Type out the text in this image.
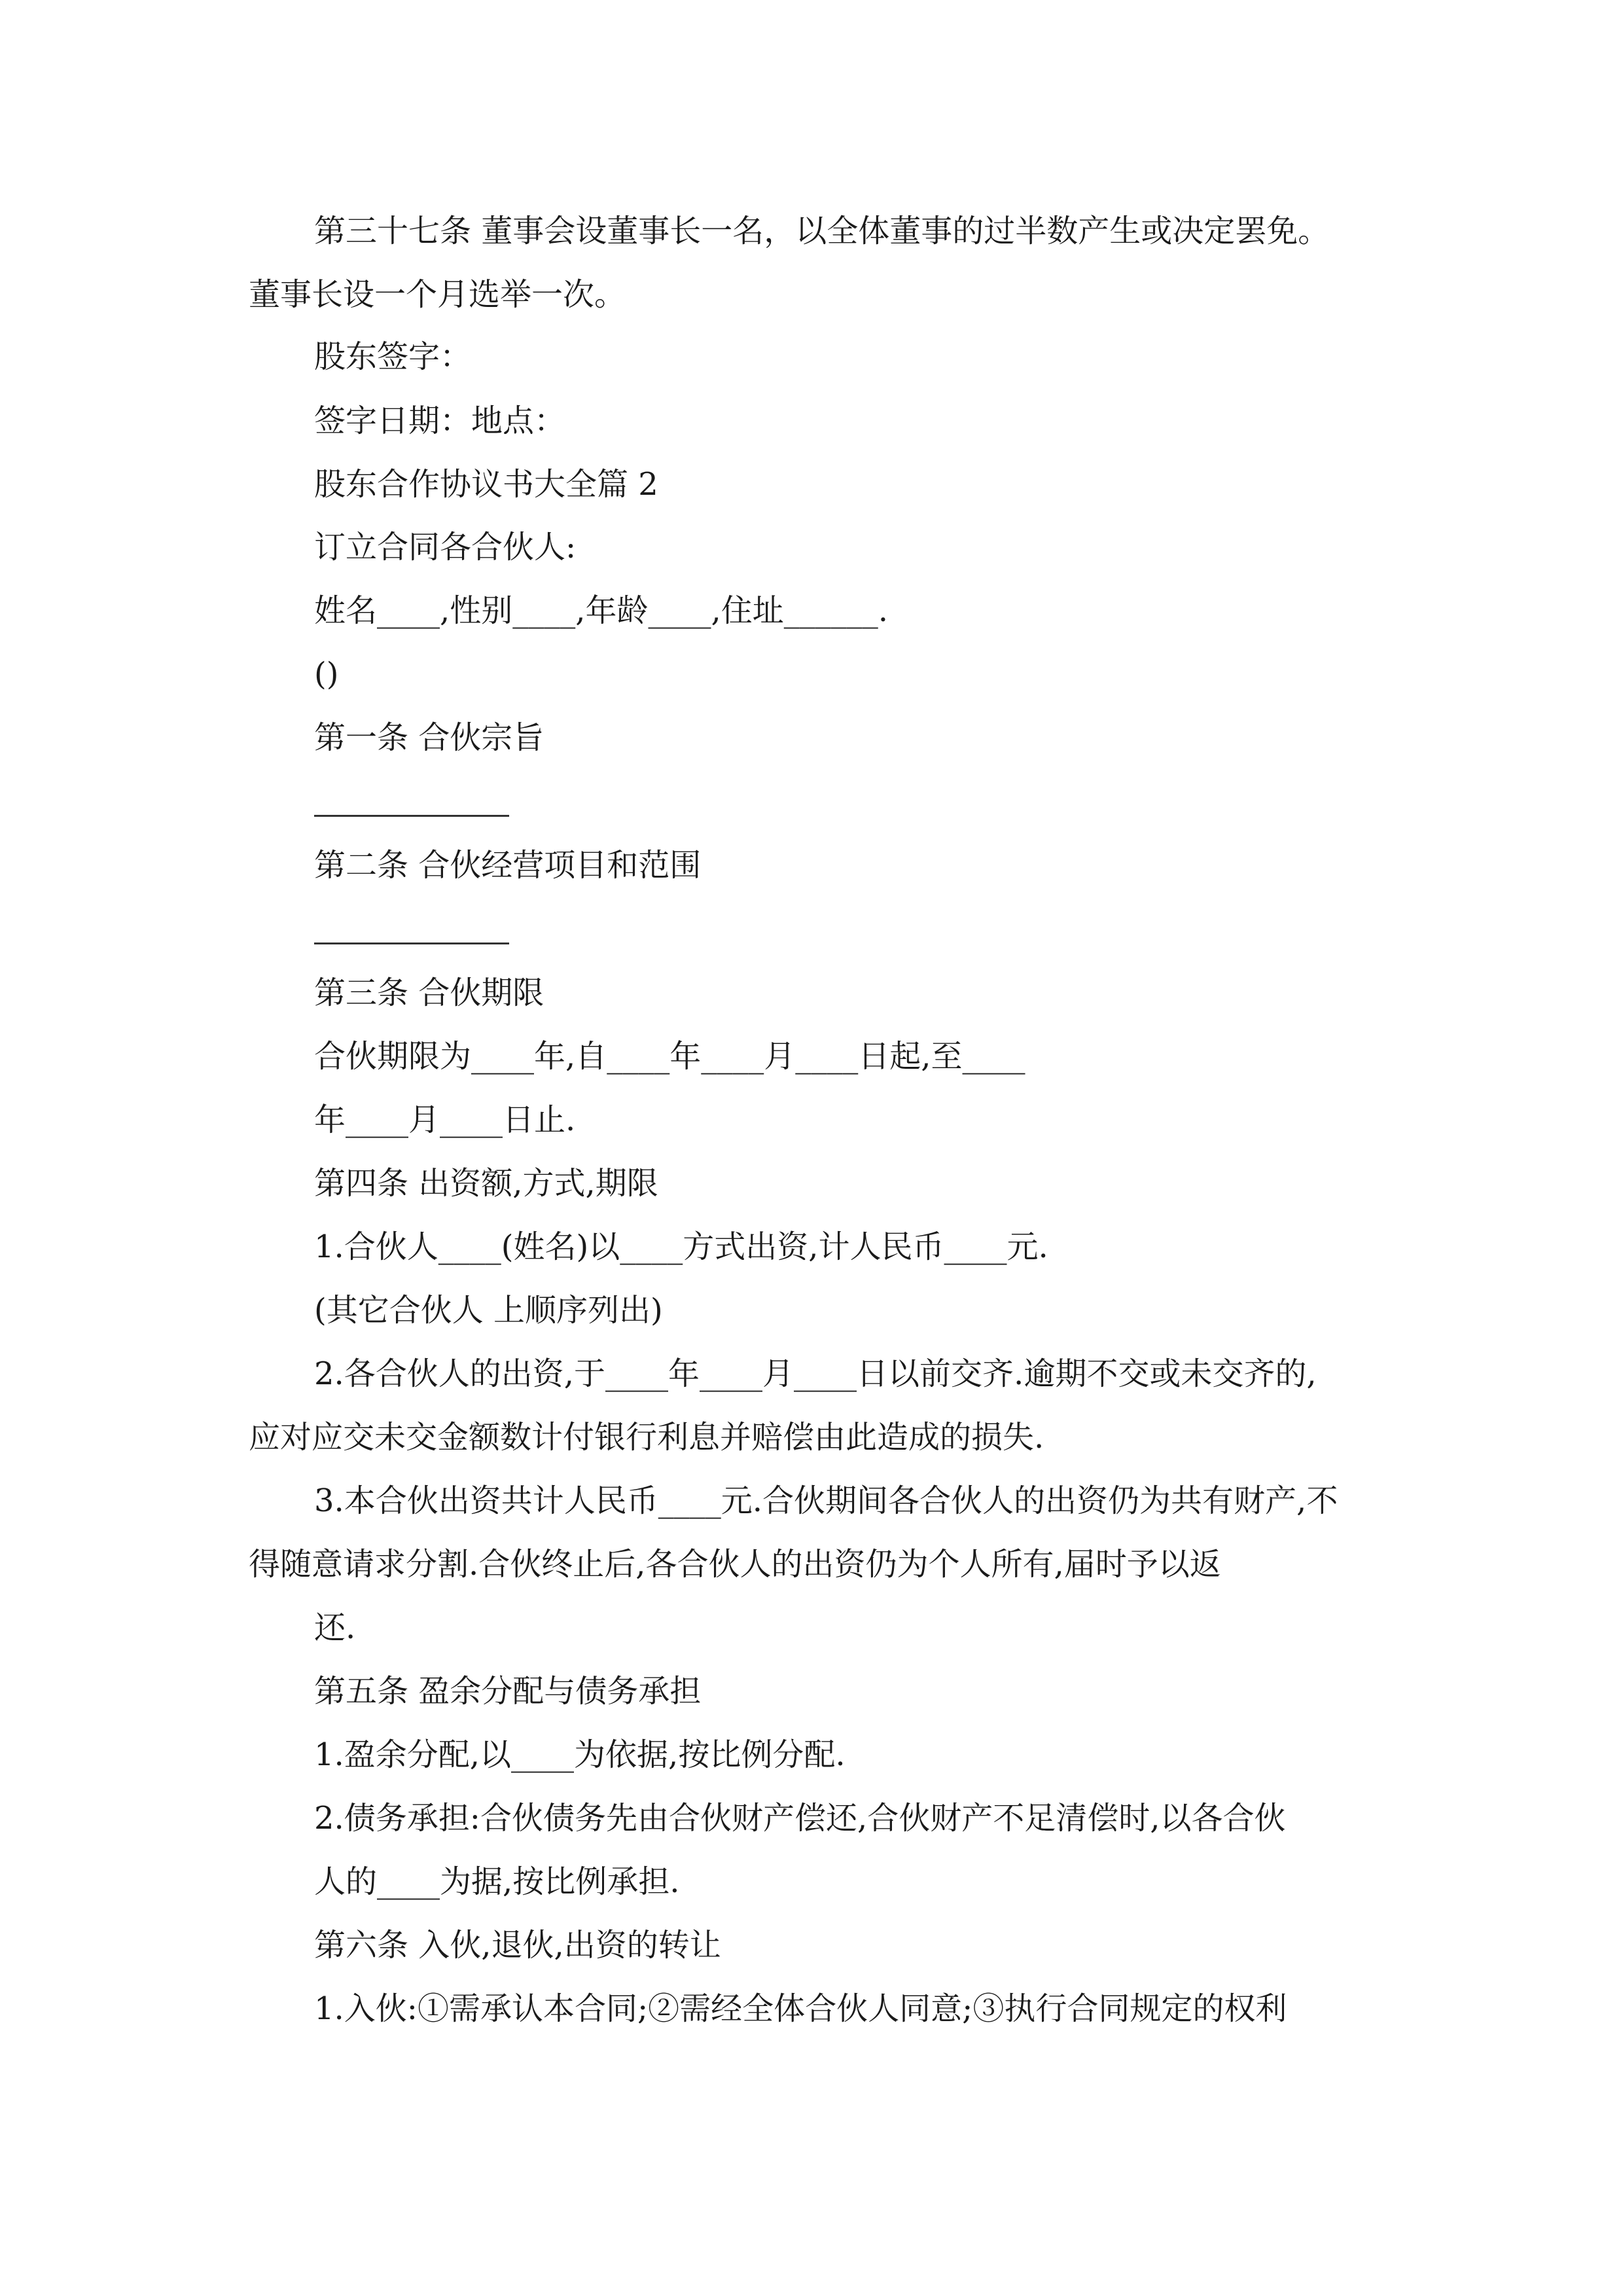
第三十七条 董事会设董事长一名，以全体董事的过半数产生或决定罢免。
董事长设一个月选举一次。
股东签字：
签字日期：地点：
股东合作协议书大全篇 2
订立合同各合伙人:
姓名____,性别____,年龄____,住址______.
()
第一条 合伙宗旨
第二条 合伙经营项目和范围
第三条 合伙期限
合伙期限为____年,自____年____月____日起,至____
年____月____日止.
第四条 出资额,方式,期限
1.合伙人____(姓名)以____方式出资,计人民币____元.
(其它合伙人 上顺序列出)
2.各合伙人的出资,于____年____月____日以前交齐.逾期不交或未交齐的,
应对应交未交金额数计付银行利息并赔偿由此造成的损失.
3.本合伙出资共计人民币____元.合伙期间各合伙人的出资仍为共有财产,不
得随意请求分割.合伙终止后,各合伙人的出资仍为个人所有,届时予以返
还.
第五条 盈余分配与债务承担
1.盈余分配,以____为依据,按比例分配.
2.债务承担:合伙债务先由合伙财产偿还,合伙财产不足清偿时,以各合伙
人的____为据,按比例承担.
第六条 入伙,退伙,出资的转让
1.入伙:①需承认本合同;②需经全体合伙人同意;③执行合同规定的权利
